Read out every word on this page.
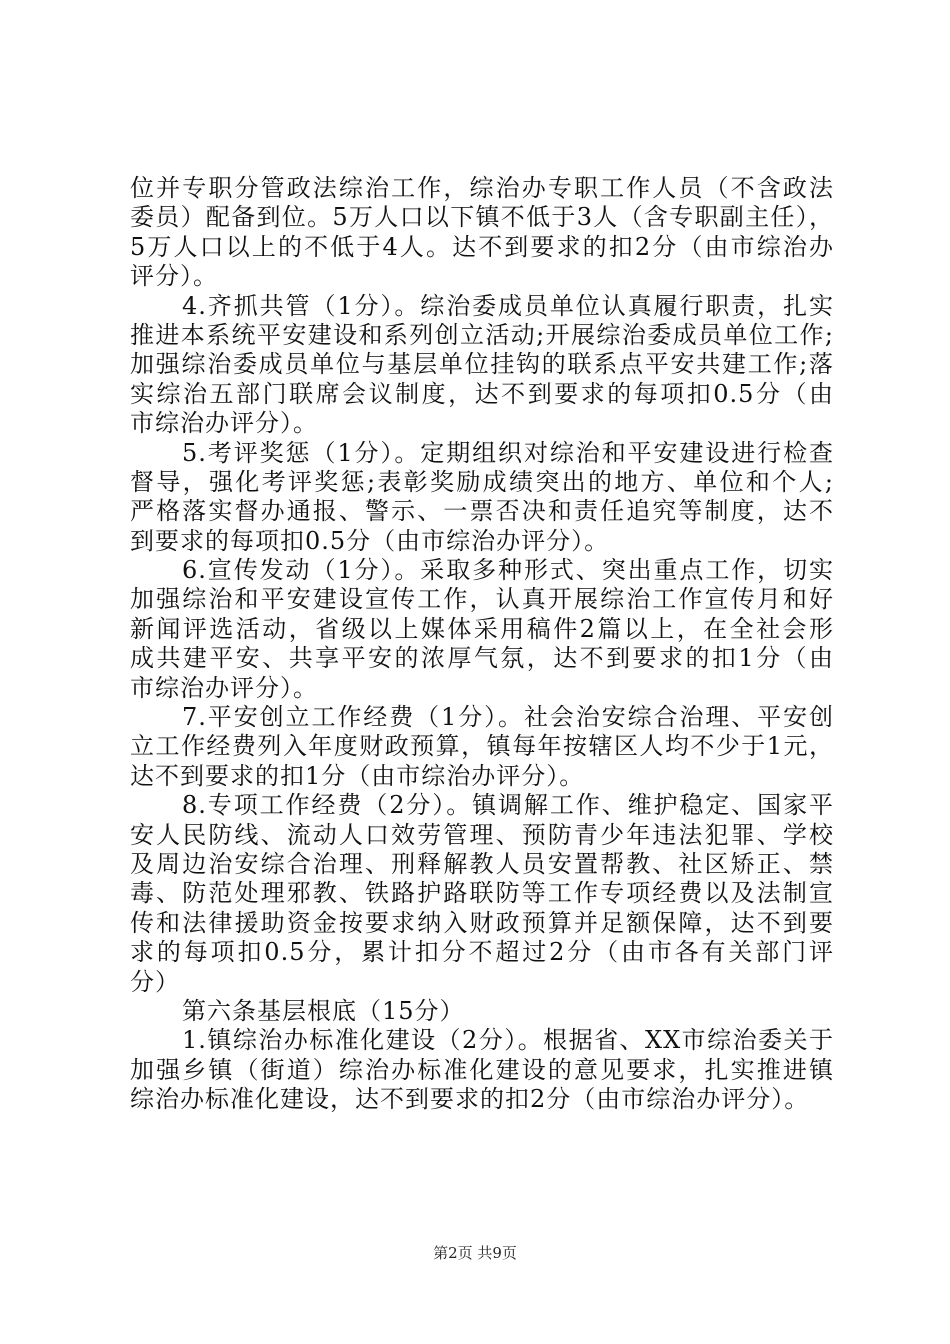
位并专职分管政法综治工作，综治办专职工作人员（不含政法
委员）配备到位。5万人口以下镇不低于3人（含专职副主任），
5万人口以上的不低于4人。达不到要求的扣2分（由市综治办
评分）。
4.齐抓共管（1分）。综治委成员单位认真履行职责，扎实
推进本系统平安建设和系列创立活动;开展综治委成员单位工作;
加强综治委成员单位与基层单位挂钩的联系点平安共建工作;落
实综治五部门联席会议制度，达不到要求的每项扣0.5分（由
市综治办评分）。
5.考评奖惩（1分）。定期组织对综治和平安建设进行检查
督导，强化考评奖惩;表彰奖励成绩突出的地方、单位和个人;
严格落实督办通报、警示、一票否决和责任追究等制度，达不
到要求的每项扣0.5分（由市综治办评分）。
6.宣传发动（1分）。采取多种形式、突出重点工作，切实
加强综治和平安建设宣传工作，认真开展综治工作宣传月和好
新闻评选活动，省级以上媒体采用稿件2篇以上，在全社会形
成共建平安、共享平安的浓厚气氛，达不到要求的扣1分（由
市综治办评分）。
7.平安创立工作经费（1分）。社会治安综合治理、平安创
立工作经费列入年度财政预算，镇每年按辖区人均不少于1元，
达不到要求的扣1分（由市综治办评分）。
8.专项工作经费（2分）。镇调解工作、维护稳定、国家平
安人民防线、流动人口效劳管理、预防青少年违法犯罪、学校
及周边治安综合治理、刑释解教人员安置帮教、社区矫正、禁
毒、防范处理邪教、铁路护路联防等工作专项经费以及法制宣
传和法律援助资金按要求纳入财政预算并足额保障，达不到要
求的每项扣0.5分，累计扣分不超过2分（由市各有关部门评
分）
第六条基层根底（15分）
1.镇综治办标准化建设（2分）。根据省、XX市综治委关于
加强乡镇（街道）综治办标准化建设的意见要求，扎实推进镇
综治办标准化建设，达不到要求的扣2分（由市综治办评分）。
第2页 共9页
